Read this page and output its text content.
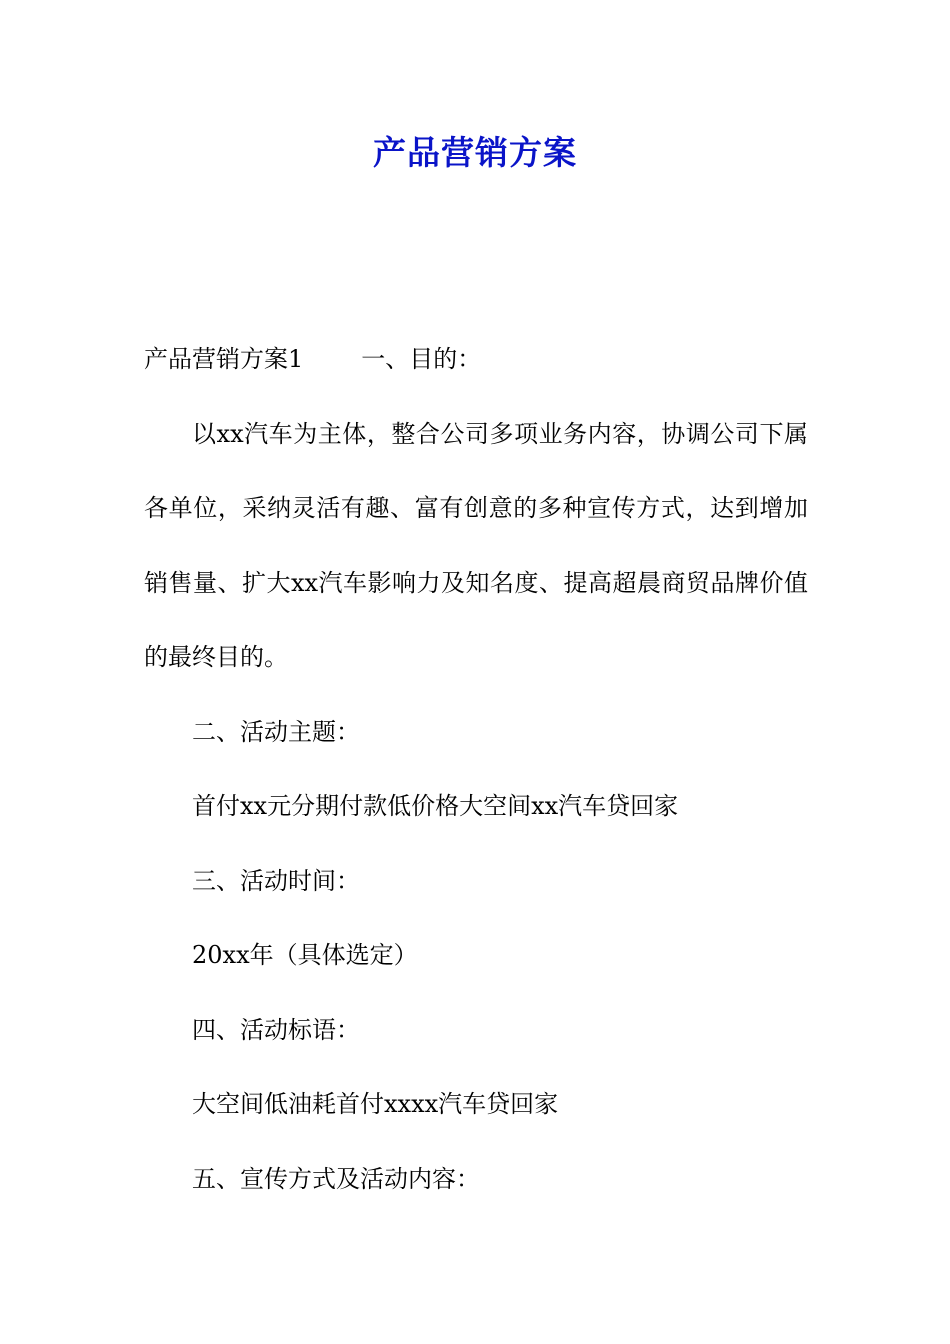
产品营销方案
产品营销方案1 一、目的：
以xx汽车为主体，整合公司多项业务内容，协调公司下属
各单位，采纳灵活有趣、富有创意的多种宣传方式，达到增加
销售量、扩大xx汽车影响力及知名度、提高超晨商贸品牌价值
的最终目的。
二、活动主题：
首付xx元分期付款低价格大空间xx汽车贷回家
三、活动时间：
20xx年（具体选定）
四、活动标语：
大空间低油耗首付xxxx汽车贷回家
五、宣传方式及活动内容：
